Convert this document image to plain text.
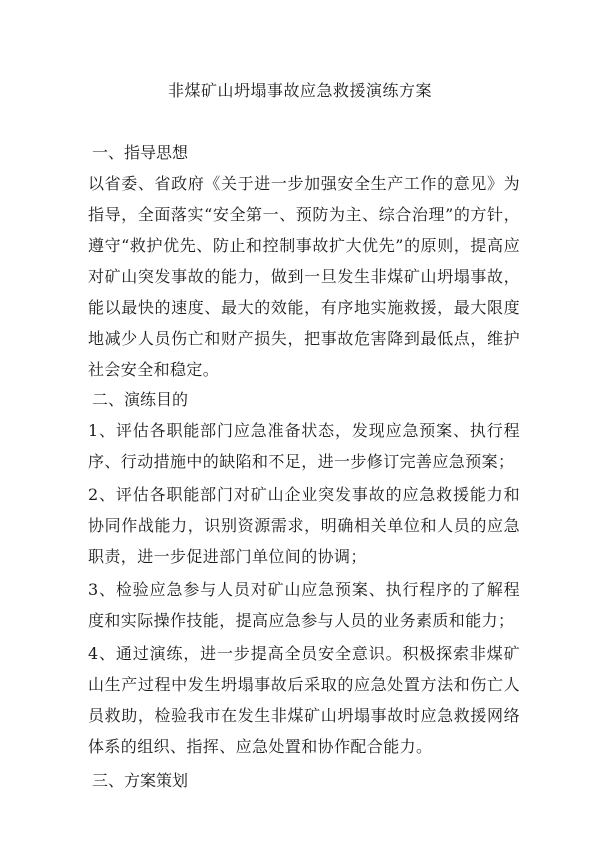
非煤矿山坍塌事故应急救援演练方案
一、指导思想

以省委、省政府《关于进一步加强安全生产工作的意见》为指导，全面落实“安全第一、预防为主、综合治理”的方针，遵守“救护优先、防止和控制事故扩大优先”的原则，提高应对矿山突发事故的能力，做到一旦发生非煤矿山坍塌事故，能以最快的速度、最大的效能，有序地实施救援，最大限度地减少人员伤亡和财产损失，把事故危害降到最低点，维护社会安全和稳定。

二、演练目的

1、评估各职能部门应急准备状态，发现应急预案、执行程序、行动措施中的缺陷和不足，进一步修订完善应急预案；

2、评估各职能部门对矿山企业突发事故的应急救援能力和协同作战能力，识别资源需求，明确相关单位和人员的应急职责，进一步促进部门单位间的协调；

3、检验应急参与人员对矿山应急预案、执行程序的了解程度和实际操作技能，提高应急参与人员的业务素质和能力；

4、通过演练，进一步提高全员安全意识。积极探索非煤矿山生产过程中发生坍塌事故后采取的应急处置方法和伤亡人员救助，检验我市在发生非煤矿山坍塌事故时应急救援网络体系的组织、指挥、应急处置和协作配合能力。

三、方案策划
